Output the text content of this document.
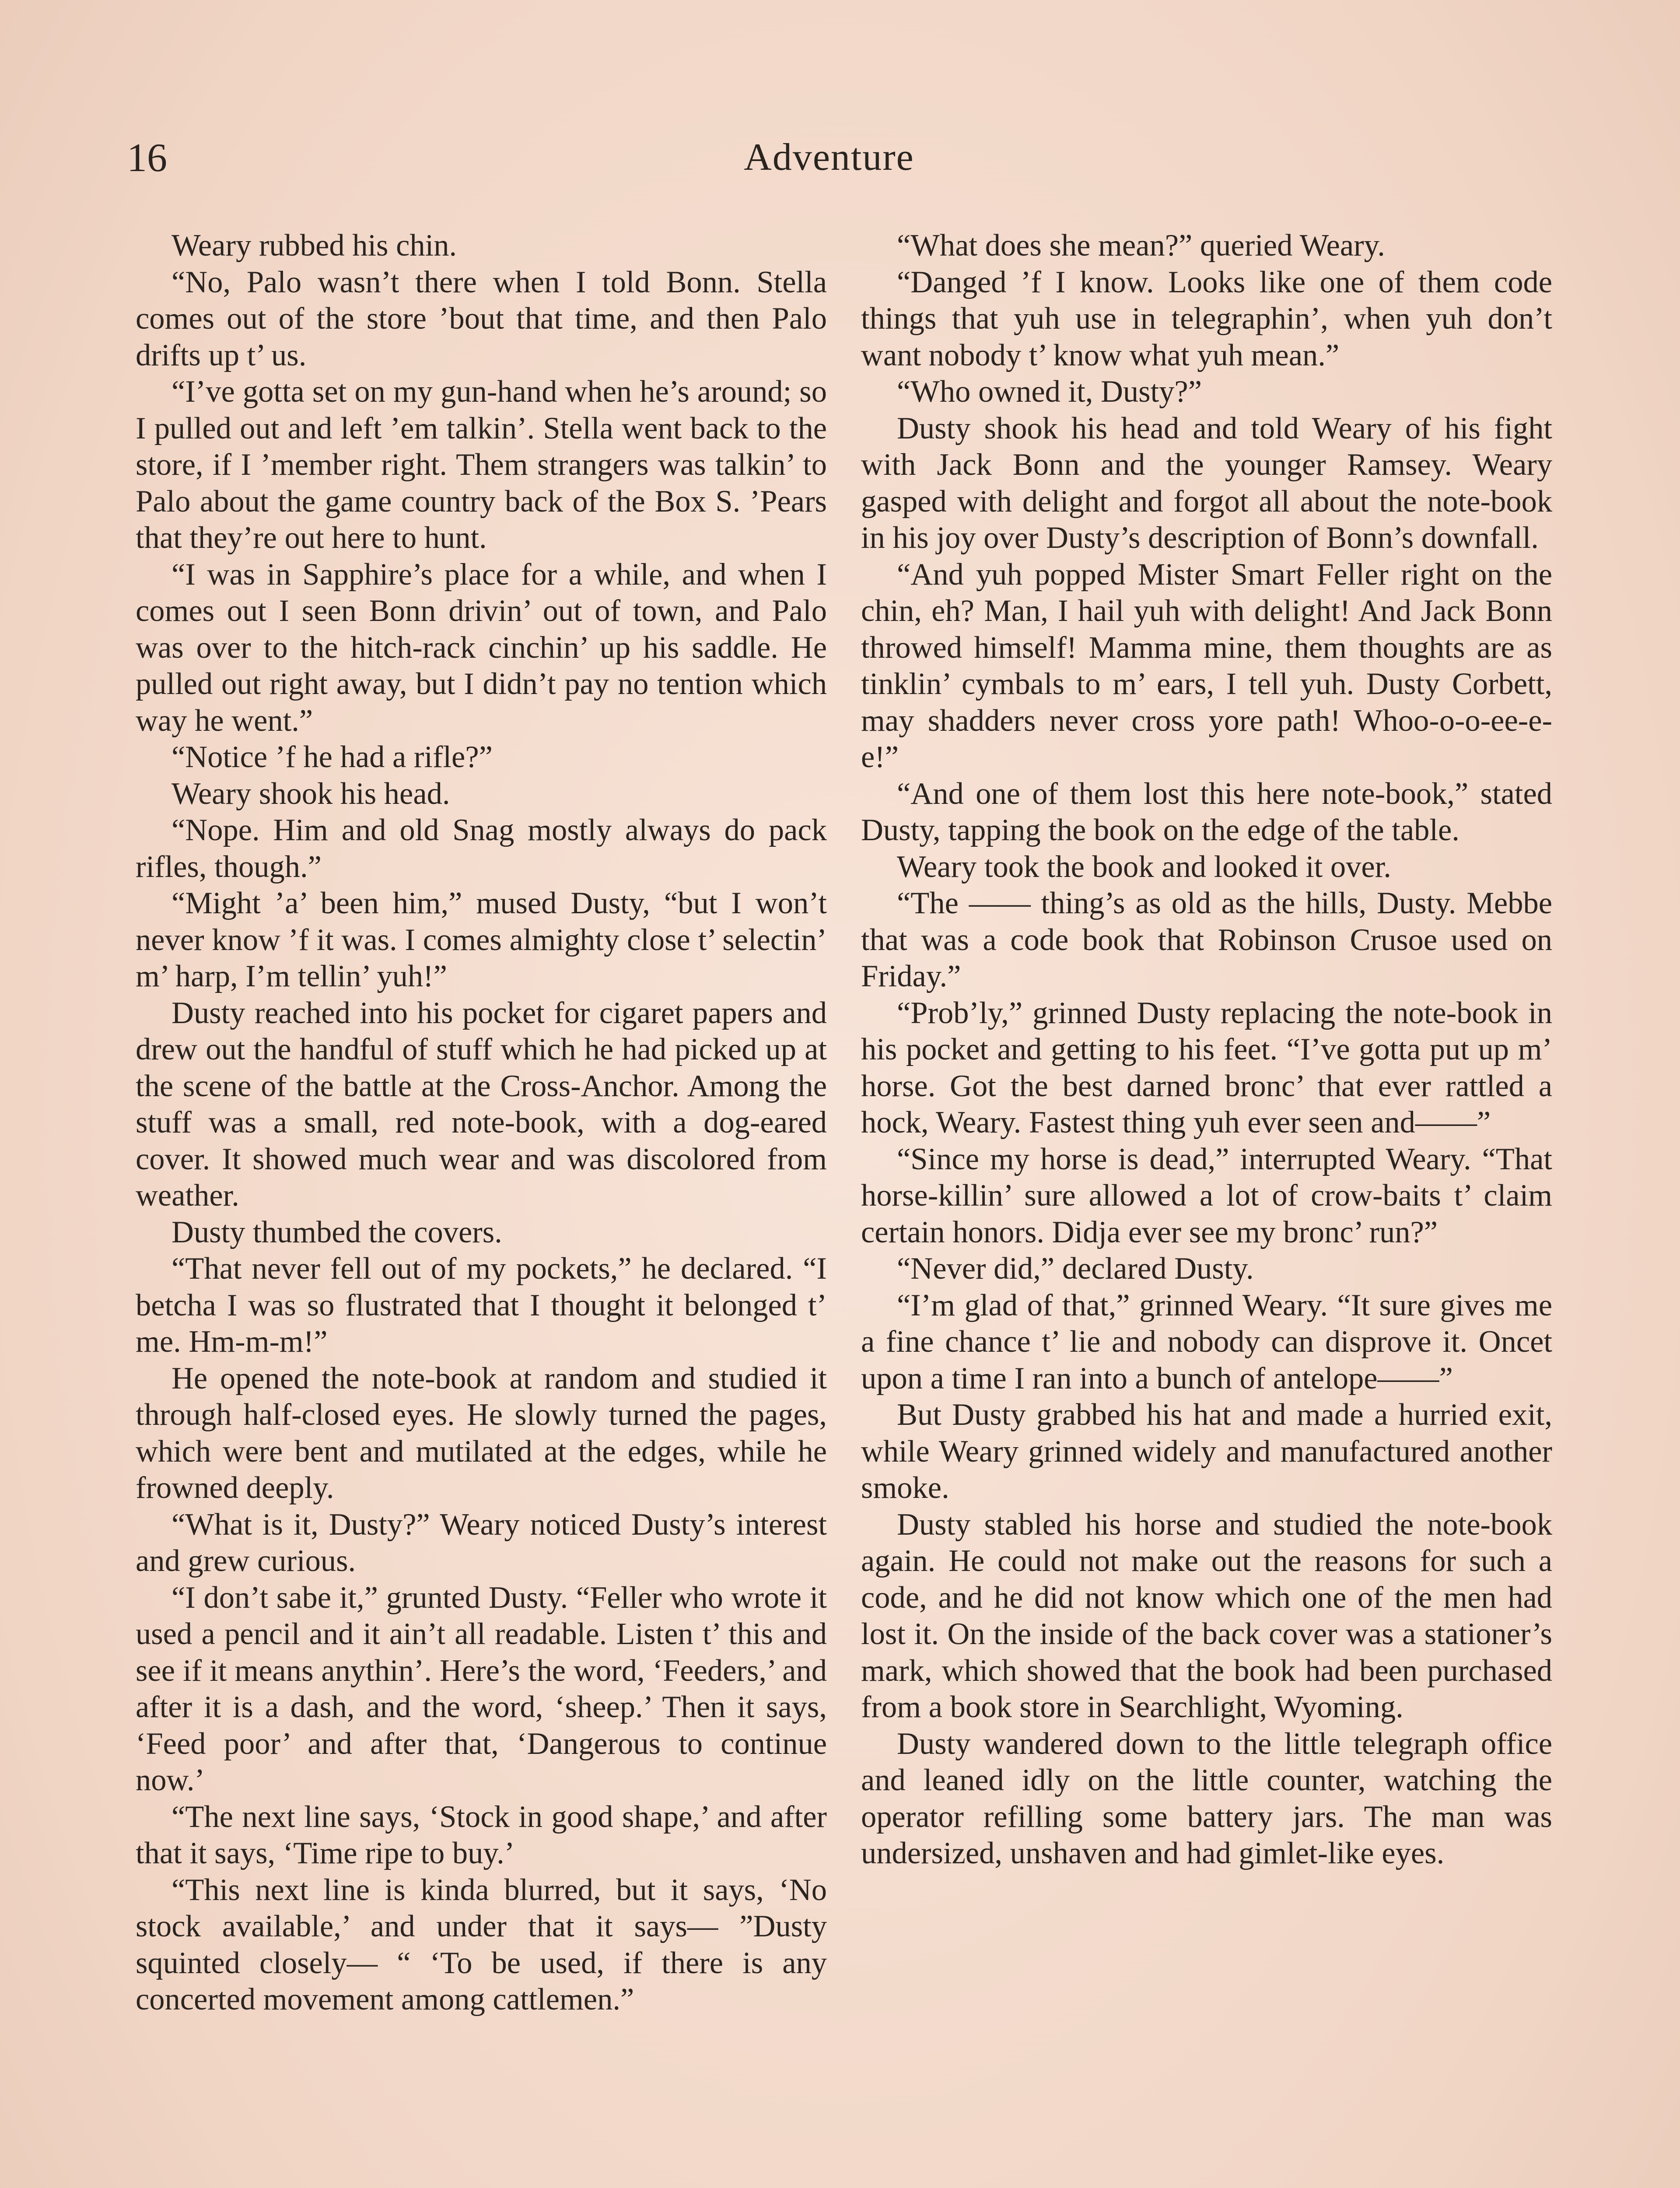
16	Adventure

Weary rubbed his chin.

“No, Palo wasn’t there when I told Bonn. Stella comes out of the store ’bout that time, and then Palo drifts up t’ us.

“I’ve gotta set on my gun-hand when he’s around; so I pulled out and left ’em talkin’. Stella went back to the store, if I ’member right. Them strangers was talkin’ to Palo about the game country back of the Box S. ’Pears that they’re out here to hunt.

“I was in Sapphire’s place for a while, and when I comes out I seen Bonn drivin’ out of town, and Palo was over to the hitch-rack cinchin’ up his saddle. He pulled out right away, but I didn’t pay no tention which way he went.”

“Notice ’f he had a rifle?”

Weary shook his head.

“Nope. Him and old Snag mostly always do pack rifles, though.”

“Might ’a’ been him,” mused Dusty, “but I won’t never know ’f it was. I comes almighty close t’ selectin’ m’ harp, I’m tellin’ yuh!”

Dusty reached into his pocket for cigaret papers and drew out the handful of stuff which he had picked up at the scene of the battle at the Cross-Anchor. Among the stuff was a small, red note-book, with a dog-eared cover. It showed much wear and was discolored from weather.

Dusty thumbed the covers.

“That never fell out of my pockets,” he declared. “I betcha I was so flustrated that I thought it belonged t’ me. Hm-m-m!”

He opened the note-book at random and studied it through half-closed eyes. He slowly turned the pages, which were bent and mutilated at the edges, while he frowned deeply.

“What is it, Dusty?” Weary noticed Dusty’s interest and grew curious.

“I don’t sabe it,” grunted Dusty. “Feller who wrote it used a pencil and it ain’t all readable. Listen t’ this and see if it means anythin’. Here’s the word, ‘Feeders,’ and after it is a dash, and the word, ‘sheep.’ Then it says, ‘Feed poor’ and after that, ‘Dangerous to continue now.’

“The next line says, ‘Stock in good shape,’ and after that it says, ‘Time ripe to buy.’

“This next line is kinda blurred, but it says, ‘No stock available,’ and under that it says— ”Dusty squinted closely— “ ‘To be used, if there is any concerted movement among cattlemen.”

“What does she mean?” queried Weary.

“Danged ’f I know. Looks like one of them code things that yuh use in telegraphin’, when yuh don’t want nobody t’ know what yuh mean.”

“Who owned it, Dusty?”

Dusty shook his head and told Weary of his fight with Jack Bonn and the younger Ramsey. Weary gasped with delight and forgot all about the note-book in his joy over Dusty’s description of Bonn’s downfall.

“And yuh popped Mister Smart Feller right on the chin, eh? Man, I hail yuh with delight! And Jack Bonn throwed himself! Mamma mine, them thoughts are as tinklin’ cymbals to m’ ears, I tell yuh. Dusty Corbett, may shadders never cross yore path! Whoo-o-o-ee-e-e!”

“And one of them lost this here note-book,” stated Dusty, tapping the book on the edge of the table.

Weary took the book and looked it over.

“The —— thing’s as old as the hills, Dusty. Mebbe that was a code book that Robinson Crusoe used on Friday.”

“Prob’ly,” grinned Dusty replacing the note-book in his pocket and getting to his feet. “I’ve gotta put up m’ horse. Got the best darned bronc’ that ever rattled a hock, Weary. Fastest thing yuh ever seen and——”

“Since my horse is dead,” interrupted Weary. “That horse-killin’ sure allowed a lot of crow-baits t’ claim certain honors. Didja ever see my bronc’ run?”

“Never did,” declared Dusty.

“I’m glad of that,” grinned Weary. “It sure gives me a fine chance t’ lie and nobody can disprove it. Oncet upon a time I ran into a bunch of antelope——”

But Dusty grabbed his hat and made a hurried exit, while Weary grinned widely and manufactured another smoke.

Dusty stabled his horse and studied the note-book again. He could not make out the reasons for such a code, and he did not know which one of the men had lost it. On the inside of the back cover was a stationer’s mark, which showed that the book had been purchased from a book store in Searchlight, Wyoming.

Dusty wandered down to the little telegraph office and leaned idly on the little counter, watching the operator refilling some battery jars. The man was undersized, unshaven and had gimlet-like eyes.
